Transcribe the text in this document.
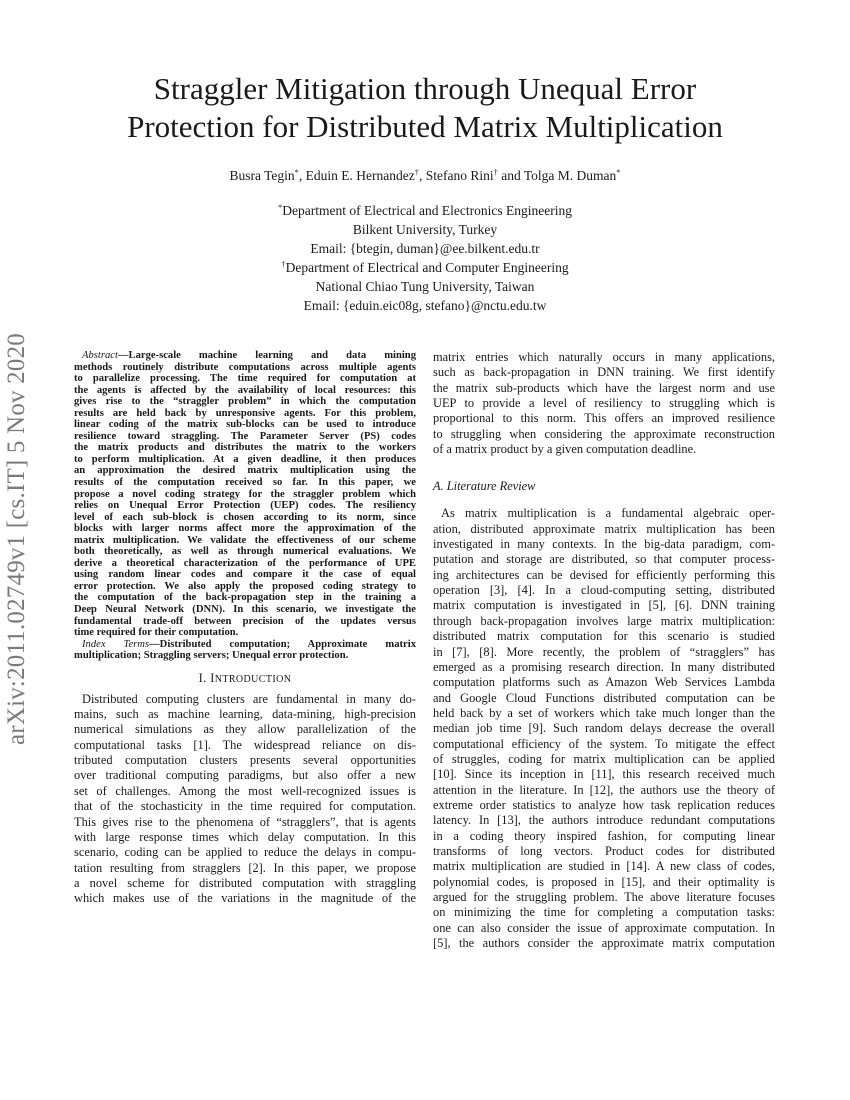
arXiv:2011.02749v1 [cs.IT] 5 Nov 2020
Straggler Mitigation through Unequal Error
Protection for Distributed Matrix Multiplication
Busra Tegin*, Eduin E. Hernandez†, Stefano Rini† and Tolga M. Duman*
*Department of Electrical and Electronics Engineering
Bilkent University, Turkey
Email: {btegin, duman}@ee.bilkent.edu.tr
†Department of Electrical and Computer Engineering
National Chiao Tung University, Taiwan
Email: {eduin.eic08g, stefano}@nctu.edu.tw
Abstract—Large-scale machine learning and data mining
methods routinely distribute computations across multiple agents
to parallelize processing. The time required for computation at
the agents is affected by the availability of local resources: this
gives rise to the “straggler problem” in which the computation
results are held back by unresponsive agents. For this problem,
linear coding of the matrix sub-blocks can be used to introduce
resilience toward straggling. The Parameter Server (PS) codes
the matrix products and distributes the matrix to the workers
to perform multiplication. At a given deadline, it then produces
an approximation the desired matrix multiplication using the
results of the computation received so far. In this paper, we
propose a novel coding strategy for the straggler problem which
relies on Unequal Error Protection (UEP) codes. The resiliency
level of each sub-block is chosen according to its norm, since
blocks with larger norms affect more the approximation of the
matrix multiplication. We validate the effectiveness of our scheme
both theoretically, as well as through numerical evaluations. We
derive a theoretical characterization of the performance of UPE
using random linear codes and compare it the case of equal
error protection. We also apply the proposed coding strategy to
the computation of the back-propagation step in the training a
Deep Neural Network (DNN). In this scenario, we investigate the
fundamental trade-off between precision of the updates versus
time required for their computation.
Index Terms—Distributed computation; Approximate matrix
multiplication; Straggling servers; Unequal error protection.
I. INTRODUCTION
Distributed computing clusters are fundamental in many do-
mains, such as machine learning, data-mining, high-precision
numerical simulations as they allow parallelization of the
computational tasks [1]. The widespread reliance on dis-
tributed computation clusters presents several opportunities
over traditional computing paradigms, but also offer a new
set of challenges. Among the most well-recognized issues is
that of the stochasticity in the time required for computation.
This gives rise to the phenomena of “stragglers”, that is agents
with large response times which delay computation. In this
scenario, coding can be applied to reduce the delays in compu-
tation resulting from stragglers [2]. In this paper, we propose
a novel scheme for distributed computation with straggling
which makes use of the variations in the magnitude of the
matrix entries which naturally occurs in many applications,
such as back-propagation in DNN training. We first identify
the matrix sub-products which have the largest norm and use
UEP to provide a level of resiliency to struggling which is
proportional to this norm. This offers an improved resilience
to struggling when considering the approximate reconstruction
of a matrix product by a given computation deadline.
A. Literature Review
As matrix multiplication is a fundamental algebraic oper-
ation, distributed approximate matrix multiplication has been
investigated in many contexts. In the big-data paradigm, com-
putation and storage are distributed, so that computer process-
ing architectures can be devised for efficiently performing this
operation [3], [4]. In a cloud-computing setting, distributed
matrix computation is investigated in [5], [6]. DNN training
through back-propagation involves large matrix multiplication:
distributed matrix computation for this scenario is studied
in [7], [8]. More recently, the problem of “stragglers” has
emerged as a promising research direction. In many distributed
computation platforms such as Amazon Web Services Lambda
and Google Cloud Functions distributed computation can be
held back by a set of workers which take much longer than the
median job time [9]. Such random delays decrease the overall
computational efficiency of the system. To mitigate the effect
of struggles, coding for matrix multiplication can be applied
[10]. Since its inception in [11], this research received much
attention in the literature. In [12], the authors use the theory of
extreme order statistics to analyze how task replication reduces
latency. In [13], the authors introduce redundant computations
in a coding theory inspired fashion, for computing linear
transforms of long vectors. Product codes for distributed
matrix multiplication are studied in [14]. A new class of codes,
polynomial codes, is proposed in [15], and their optimality is
argued for the struggling problem. The above literature focuses
on minimizing the time for completing a computation tasks:
one can also consider the issue of approximate computation. In
[5], the authors consider the approximate matrix computation
